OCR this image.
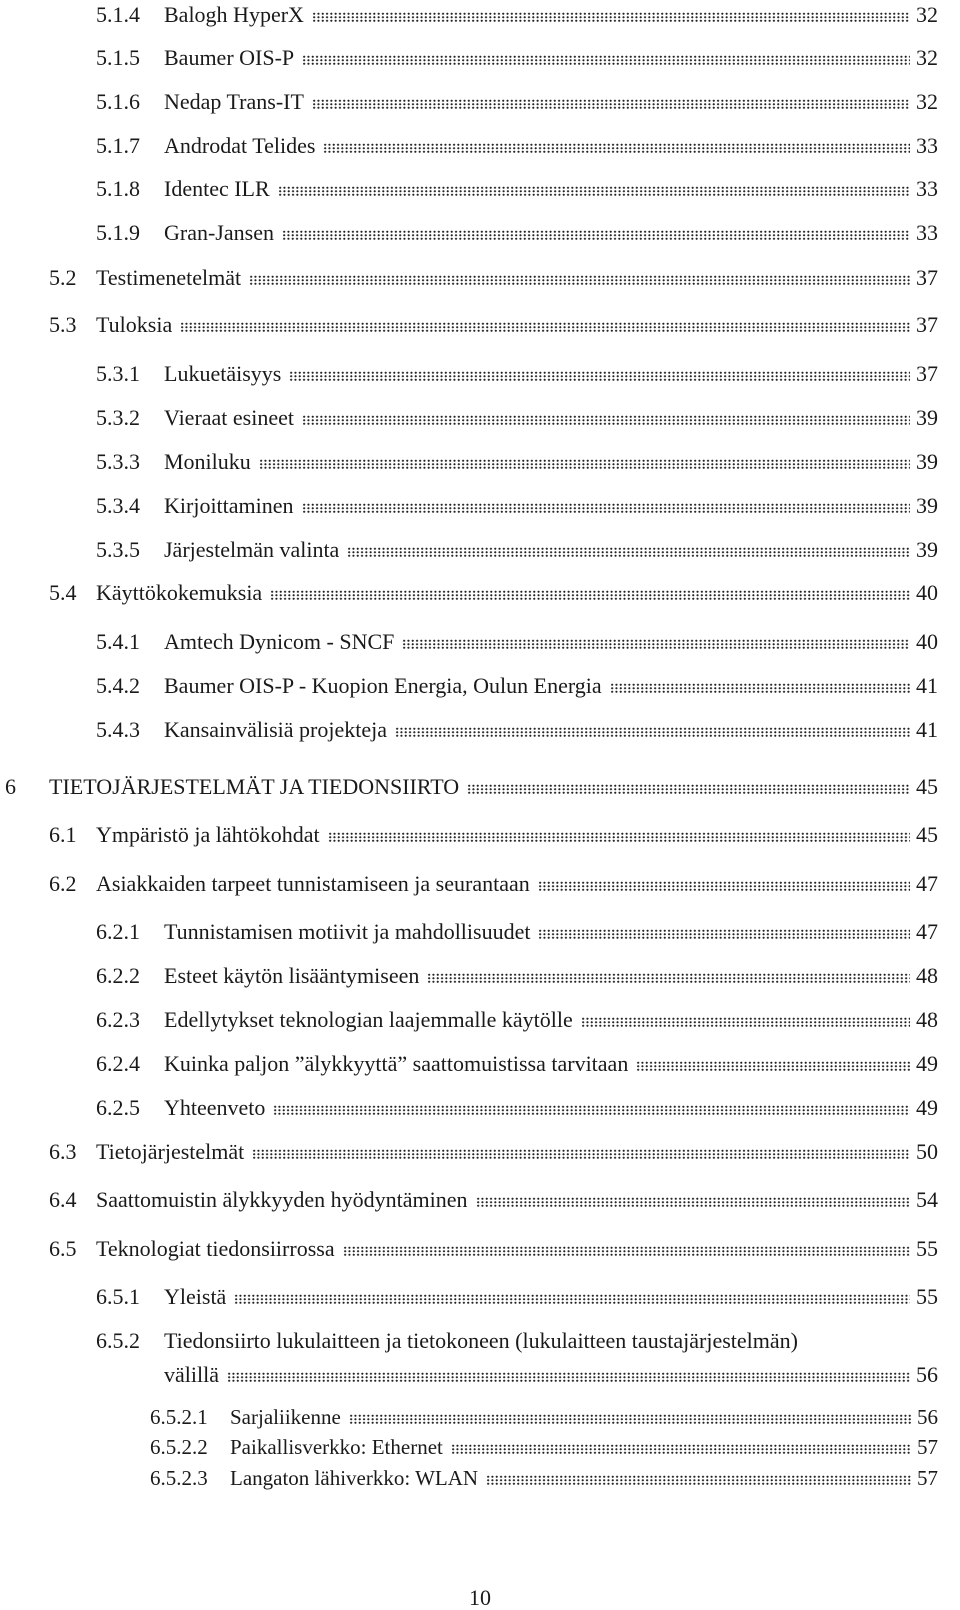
5.1.4 Balogh HyperX	32
5.1.5 Baumer OIS-P	32
5.1.6 Nedap Trans-IT	32
5.1.7 Androdat Telides	33
5.1.8 Identec ILR	33
5.1.9 Gran-Jansen	33
5.2 Testimenetelmät	37
5.3 Tuloksia	37
5.3.1 Lukuetäisyys	37
5.3.2 Vieraat esineet	39
5.3.3 Moniluku	39
5.3.4 Kirjoittaminen	39
5.3.5 Järjestelmän valinta	39
5.4 Käyttökokemuksia	40
5.4.1 Amtech Dynicom - SNCF	40
5.4.2 Baumer OIS-P - Kuopion Energia, Oulun Energia	41
5.4.3 Kansainvälisiä projekteja	41
6 TIETOJÄRJESTELMÄT JA TIEDONSIIRTO	45
6.1 Ympäristö ja lähtökohdat	45
6.2 Asiakkaiden tarpeet tunnistamiseen ja seurantaan	47
6.2.1 Tunnistamisen motiivit ja mahdollisuudet	47
6.2.2 Esteet käytön lisääntymiseen	48
6.2.3 Edellytykset teknologian laajemmalle käytölle	48
6.2.4 Kuinka paljon ”älykkyyttä” saattomuistissa tarvitaan	49
6.2.5 Yhteenveto	49
6.3 Tietojärjestelmät	50
6.4 Saattomuistin älykkyyden hyödyntäminen	54
6.5 Teknologiat tiedonsiirrossa	55
6.5.1 Yleistä	55
6.5.2 Tiedonsiirto lukulaitteen ja tietokoneen (lukulaitteen taustajärjestelmän)
välillä	56
6.5.2.1 Sarjaliikenne	56
6.5.2.2 Paikallisverkko: Ethernet	57
6.5.2.3 Langaton lähiverkko: WLAN	57
10
